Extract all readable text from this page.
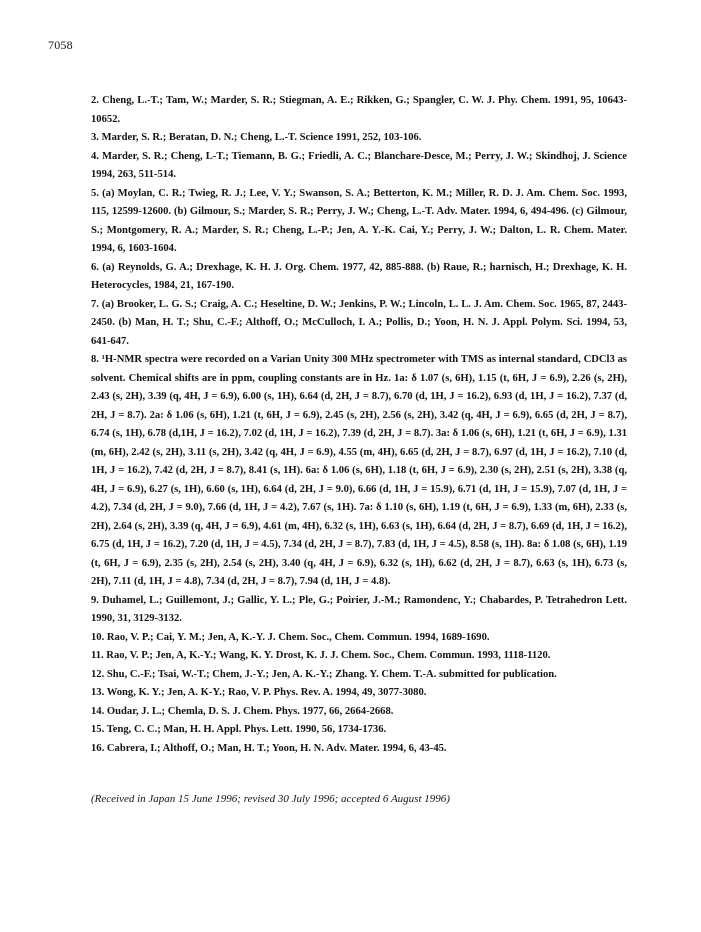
7058

2. Cheng, L.-T.; Tam, W.; Marder, S. R.; Stiegman, A. E.; Rikken, G.; Spangler, C. W. J. Phy. Chem. 1991, 95, 10643-10652.

3. Marder, S. R.; Beratan, D. N.; Cheng, L.-T. Science 1991, 252, 103-106.

4. Marder, S. R.; Cheng, L-T.; Tiemann, B. G.; Friedli, A. C.; Blanchare-Desce, M.; Perry, J. W.; Skindhoj, J. Science 1994, 263, 511-514.

5. (a) Moylan, C. R.; Twieg, R. J.; Lee, V. Y.; Swanson, S. A.; Betterton, K. M.; Miller, R. D. J. Am. Chem. Soc. 1993, 115, 12599-12600. (b) Gilmour, S.; Marder, S. R.; Perry, J. W.; Cheng, L.-T. Adv. Mater. 1994, 6, 494-496. (c) Gilmour, S.; Montgomery, R. A.; Marder, S. R.; Cheng, L.-P.; Jen, A. Y.-K. Cai, Y.; Perry, J. W.; Dalton, L. R. Chem. Mater. 1994, 6, 1603-1604.

6. (a) Reynolds, G. A.; Drexhage, K. H. J. Org. Chem. 1977, 42, 885-888. (b) Raue, R.; harnisch, H.; Drexhage, K. H. Heterocycles, 1984, 21, 167-190.

7. (a) Brooker, L. G. S.; Craig, A. C.; Heseltine, D. W.; Jenkins, P. W.; Lincoln, L. L. J. Am. Chem. Soc. 1965, 87, 2443-2450. (b) Man, H. T.; Shu, C.-F.; Althoff, O.; McCulloch, I. A.; Pollis, D.; Yoon, H. N. J. Appl. Polym. Sci. 1994, 53, 641-647.

8. ¹H-NMR spectra were recorded on a Varian Unity 300 MHz spectrometer with TMS as internal standard, CDCl3 as solvent. Chemical shifts are in ppm, coupling constants are in Hz. 1a: δ 1.07 (s, 6H), 1.15 (t, 6H, J = 6.9), 2.26 (s, 2H), 2.43 (s, 2H), 3.39 (q, 4H, J = 6.9), 6.00 (s, 1H), 6.64 (d, 2H, J = 8.7), 6.70 (d, 1H, J = 16.2), 6.93 (d, 1H, J = 16.2), 7.37 (d, 2H, J = 8.7). 2a: δ 1.06 (s, 6H), 1.21 (t, 6H, J = 6.9), 2.45 (s, 2H), 2.56 (s, 2H), 3.42 (q, 4H, J = 6.9), 6.65 (d, 2H, J = 8.7), 6.74 (s, 1H), 6.78 (d,1H, J = 16.2), 7.02 (d, 1H, J = 16.2), 7.39 (d, 2H, J = 8.7). 3a: δ 1.06 (s, 6H), 1.21 (t, 6H, J = 6.9), 1.31 (m, 6H), 2.42 (s, 2H), 3.11 (s, 2H), 3.42 (q, 4H, J = 6.9), 4.55 (m, 4H), 6.65 (d, 2H, J = 8.7), 6.97 (d, 1H, J = 16.2), 7.10 (d, 1H, J = 16.2), 7.42 (d, 2H, J = 8.7), 8.41 (s, 1H). 6a: δ 1.06 (s, 6H), 1.18 (t, 6H, J = 6.9), 2.30 (s, 2H), 2.51 (s, 2H), 3.38 (q, 4H, J = 6.9), 6.27 (s, 1H), 6.60 (s, 1H), 6.64 (d, 2H, J = 9.0), 6.66 (d, 1H, J = 15.9), 6.71 (d, 1H, J = 15.9), 7.07 (d, 1H, J = 4.2), 7.34 (d, 2H, J = 9.0), 7.66 (d, 1H, J = 4.2), 7.67 (s, 1H). 7a: δ 1.10 (s, 6H), 1.19 (t, 6H, J = 6.9), 1.33 (m, 6H), 2.33 (s, 2H), 2.64 (s, 2H), 3.39 (q, 4H, J = 6.9), 4.61 (m, 4H), 6.32 (s, 1H), 6.63 (s, 1H), 6.64 (d, 2H, J = 8.7), 6.69 (d, 1H, J = 16.2), 6.75 (d, 1H, J = 16.2), 7.20 (d, 1H, J = 4.5), 7.34 (d, 2H, J = 8.7), 7.83 (d, 1H, J = 4.5), 8.58 (s, 1H). 8a: δ 1.08 (s, 6H), 1.19 (t, 6H, J = 6.9), 2.35 (s, 2H), 2.54 (s, 2H), 3.40 (q, 4H, J = 6.9), 6.32 (s, 1H), 6.62 (d, 2H, J = 8.7), 6.63 (s, 1H), 6.73 (s, 2H), 7.11 (d, 1H, J = 4.8), 7.34 (d, 2H, J = 8.7), 7.94 (d, 1H, J = 4.8).

9. Duhamel, L.; Guillemont, J.; Gallic, Y. L.; Ple, G.; Poirier, J.-M.; Ramondenc, Y.; Chabardes, P. Tetrahedron Lett. 1990, 31, 3129-3132.

10. Rao, V. P.; Cai, Y. M.; Jen, A, K.-Y. J. Chem. Soc., Chem. Commun. 1994, 1689-1690.

11. Rao, V. P.; Jen, A, K.-Y.; Wang, K. Y. Drost, K. J. J. Chem. Soc., Chem. Commun. 1993, 1118-1120.

12. Shu, C.-F.; Tsai, W.-T.; Chem, J.-Y.; Jen, A. K.-Y.; Zhang. Y. Chem. T.-A. submitted for publication.

13. Wong, K. Y.; Jen, A. K-Y.; Rao, V. P. Phys. Rev. A. 1994, 49, 3077-3080.

14. Oudar, J. L.; Chemla, D. S. J. Chem. Phys. 1977, 66, 2664-2668.

15. Teng, C. C.; Man, H. H. Appl. Phys. Lett. 1990, 56, 1734-1736.

16. Cabrera, I.; Althoff, O.; Man, H. T.; Yoon, H. N. Adv. Mater. 1994, 6, 43-45.

(Received in Japan 15 June 1996; revised 30 July 1996; accepted 6 August 1996)
